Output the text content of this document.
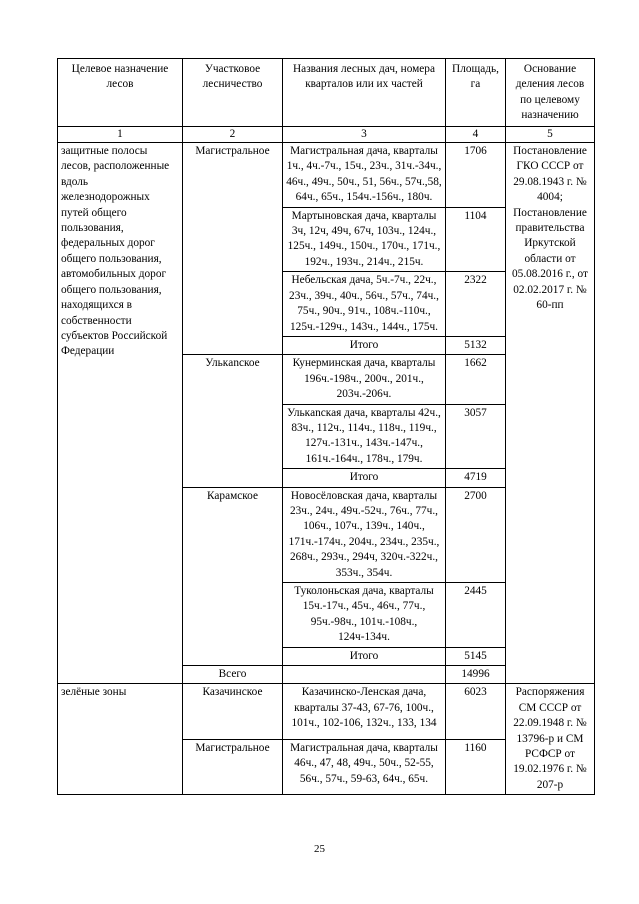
Целевое назначение лесов	Участковое лесничество	Названия лесных дач, номера кварталов или их частей	Площадь, га	Основание деления лесов по целевому назначению
1	2	3	4	5
защитные полосы лесов, расположенные вдоль железнодорожных путей общего пользования, федеральных дорог общего пользования, автомобильных дорог общего пользования, находящихся в собственности субъектов Российской Федерации	Магистральное	Магистральная дача, кварталы 1ч., 4ч.-7ч., 15ч., 23ч., 31ч.-34ч., 46ч., 49ч., 50ч., 51, 56ч., 57ч.,58, 64ч., 65ч., 154ч.-156ч., 180ч.	1706	Постановление ГКО СССР от 29.08.1943 г. № 4004; Постановление правительства Иркутской области от 05.08.2016 г., от 02.02.2017 г. № 60-пп
		Мартыновская дача, кварталы 3ч, 12ч, 49ч, 67ч, 103ч., 124ч., 125ч., 149ч., 150ч., 170ч., 171ч., 192ч., 193ч., 214ч., 215ч.	1104	
		Небельская дача, 5ч.-7ч., 22ч., 23ч., 39ч., 40ч., 56ч., 57ч., 74ч., 75ч., 90ч., 91ч., 108ч.-110ч., 125ч.-129ч., 143ч., 144ч., 175ч.	2322	
		Итого	5132	
	Улькanское	Кунерминская дача, кварталы 196ч.-198ч., 200ч., 201ч., 203ч.-206ч.	1662	
		Улькanская дача, кварталы 42ч., 83ч., 112ч., 114ч., 118ч., 119ч., 127ч.-131ч., 143ч.-147ч., 161ч.-164ч., 178ч., 179ч.	3057	
		Итого	4719	
	Карамское	Новосёловская дача, кварталы 23ч., 24ч., 49ч.-52ч., 76ч., 77ч., 106ч., 107ч., 139ч., 140ч., 171ч.-174ч., 204ч., 234ч., 235ч., 268ч., 293ч., 294ч, 320ч.-322ч., 353ч., 354ч.	2700	
		Туколоньская дача, кварталы 15ч.-17ч., 45ч., 46ч., 77ч., 95ч.-98ч., 101ч.-108ч., 124ч-134ч.	2445	
		Итого	5145	
	Всего		14996	
зелёные зоны	Казачинское	Казачинско-Ленская дача, кварталы 37-43, 67-76, 100ч., 101ч., 102-106, 132ч., 133, 134	6023	Распоряжения СМ СССР от 22.09.1948 г. № 13796-р и СМ РСФСР от 19.02.1976 г. № 207-р
	Магистральное	Магистральная дача, кварталы 46ч., 47, 48, 49ч., 50ч., 52-55, 56ч., 57ч., 59-63, 64ч., 65ч.	1160	
25
